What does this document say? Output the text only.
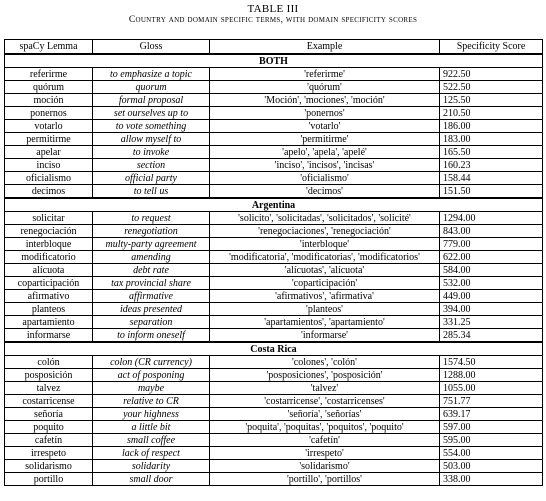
TABLE III
Country and domain specific terms, with domain specificity scores
spaCy Lemma	Gloss	Example	Specificity Score

BOTH			
referirme	to emphasize a topic	'referirme'	922.50
quórum	quorum	'quórum'	522.50
moción	formal proposal	'Moción', 'mociones', 'moción'	125.50
ponernos	set ourselves up to	'ponernos'	210.50
votarlo	to vote something	'votarlo'	186.00
permitirme	allow myself to	'permitirme'	183.00
apelar	to invoke	'apelo', 'apela', 'apelé'	165.50
inciso	section	'inciso', 'incisos', 'incisas'	160.23
oficialismo	official party	'oficialismo'	158.44
decimos	to tell us	'decimos'	151.50

Argentina			
solicitar	to request	'solicito', 'solicitadas', 'solicitados', 'solicité'	1294.00
renegociación	renegotiation	'renegociaciones', 'renegociación'	843.00
interbloque	multy-party agreement	'interbloque'	779.00
modificatorio	amending	'modificatoria', 'modificatorias', 'modificatorios'	622.00
alícuota	debt rate	'alícuotas', 'alícuota'	584.00
coparticipación	tax provincial share	'coparticipación'	532.00
afirmativo	affirmative	'afirmativos', 'afirmativa'	449.00
planteos	ideas presented	'planteos'	394.00
apartamiento	separation	'apartamientos', 'apartamiento'	331.25
informarse	to inform oneself	'informarse'	285.34

Costa Rica			
colón	colon (CR currency)	'colones', 'colón'	1574.50
posposición	act of posponing	'posposiciones', 'posposición'	1288.00
talvez	maybe	'talvez'	1055.00
costarricense	relative to CR	'costarricense', 'costarricenses'	751.77
señoría	your highness	'señoría', 'señorías'	639.17
poquito	a little bit	'poquita', 'poquitas', 'poquitos', 'poquito'	597.00
cafetín	small coffee	'cafetín'	595.00
irrespeto	lack of respect	'irrespeto'	554.00
solidarismo	solidarity	'solidarismo'	503.00
portillo	small door	'portillo', 'portillos'	338.00
